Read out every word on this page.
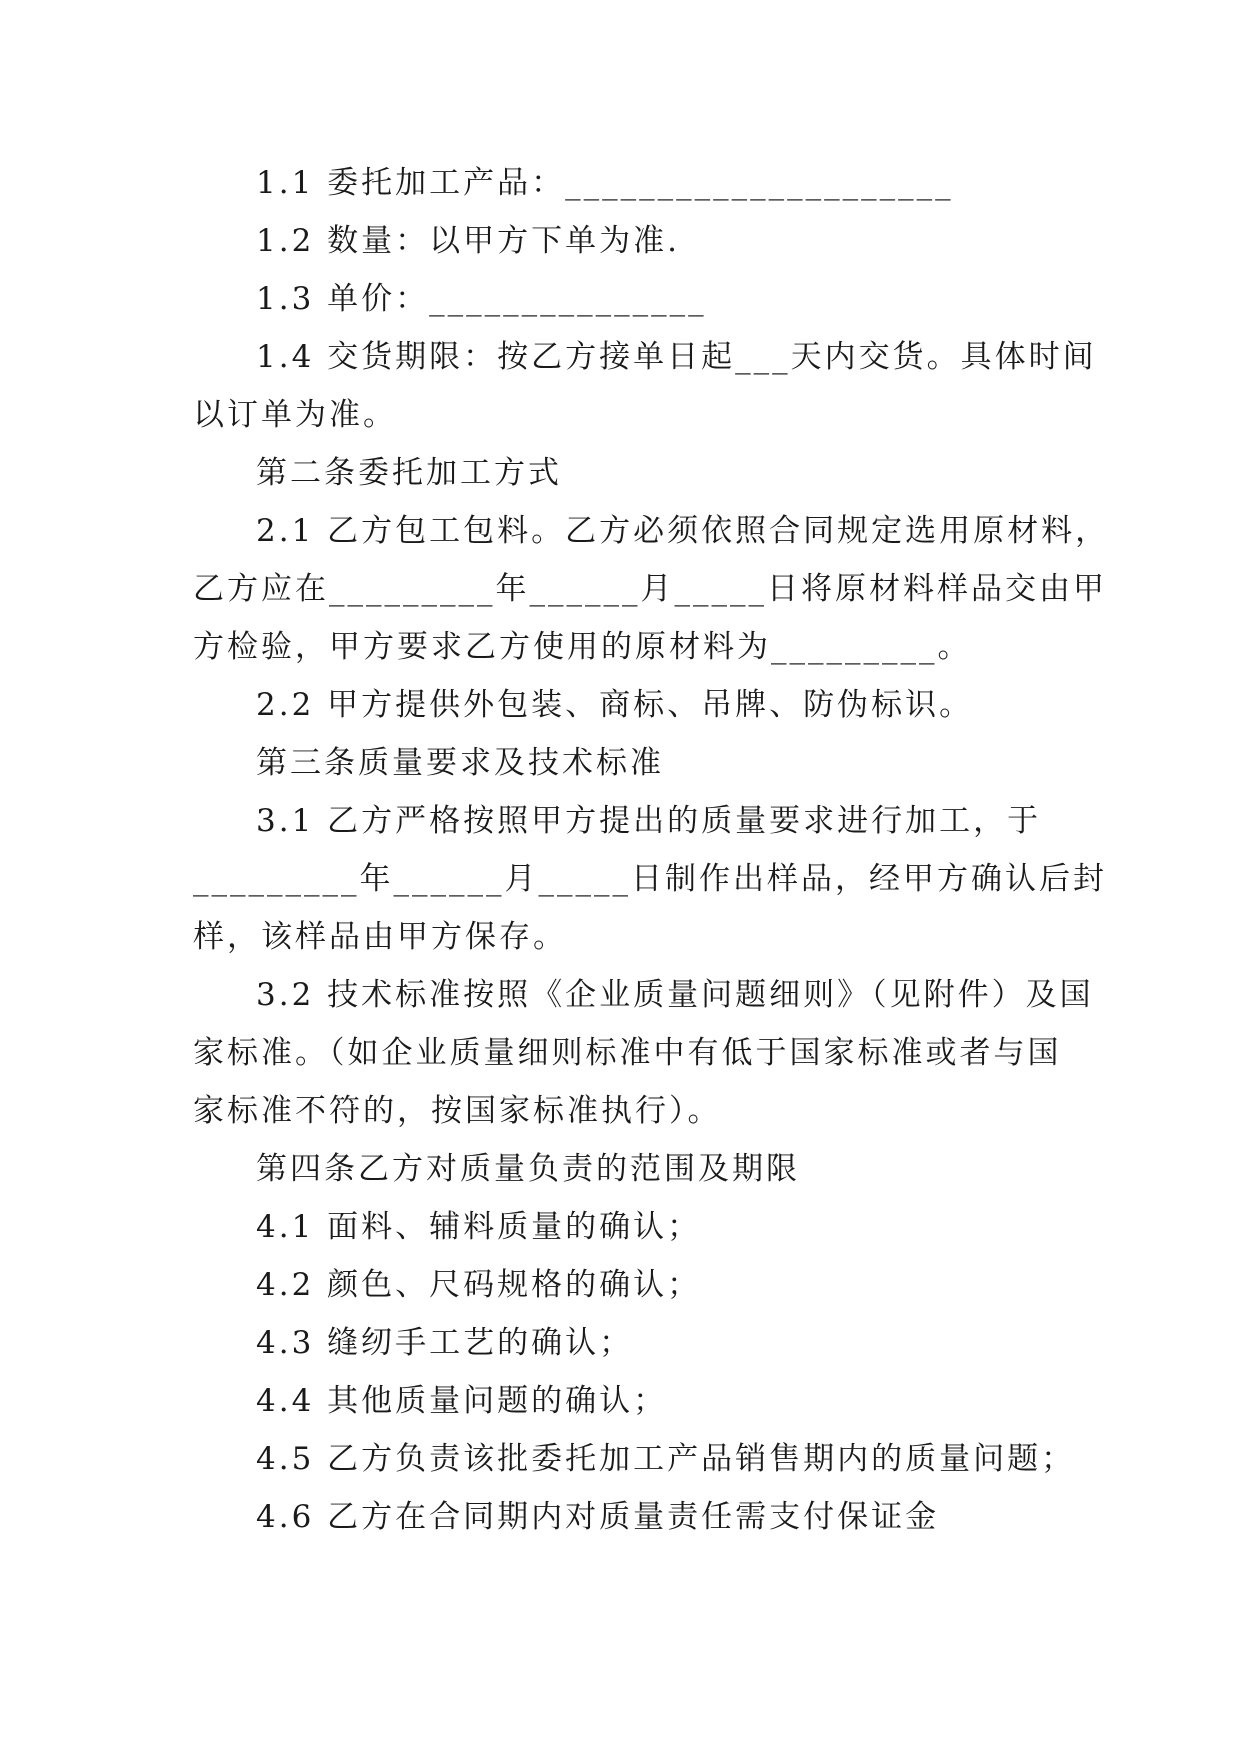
1.1 委托加工产品：_____________________
1.2 数量：以甲方下单为准.
1.3 单价：_______________
1.4 交货期限：按乙方接单日起___天内交货。具体时间
以订单为准。
第二条委托加工方式
2.1 乙方包工包料。乙方必须依照合同规定选用原材料，
乙方应在_________年______月_____日将原材料样品交由甲
方检验，甲方要求乙方使用的原材料为_________。
2.2 甲方提供外包装、商标、吊牌、防伪标识。
第三条质量要求及技术标准
3.1 乙方严格按照甲方提出的质量要求进行加工，于
_________年______月_____日制作出样品，经甲方确认后封
样，该样品由甲方保存。
3.2 技术标准按照《企业质量问题细则》（见附件）及国
家标准。（如企业质量细则标准中有低于国家标准或者与国
家标准不符的，按国家标准执行）。
第四条乙方对质量负责的范围及期限
4.1 面料、辅料质量的确认；
4.2 颜色、尺码规格的确认；
4.3 缝纫手工艺的确认；
4.4 其他质量问题的确认；
4.5 乙方负责该批委托加工产品销售期内的质量问题；
4.6 乙方在合同期内对质量责任需支付保证金
